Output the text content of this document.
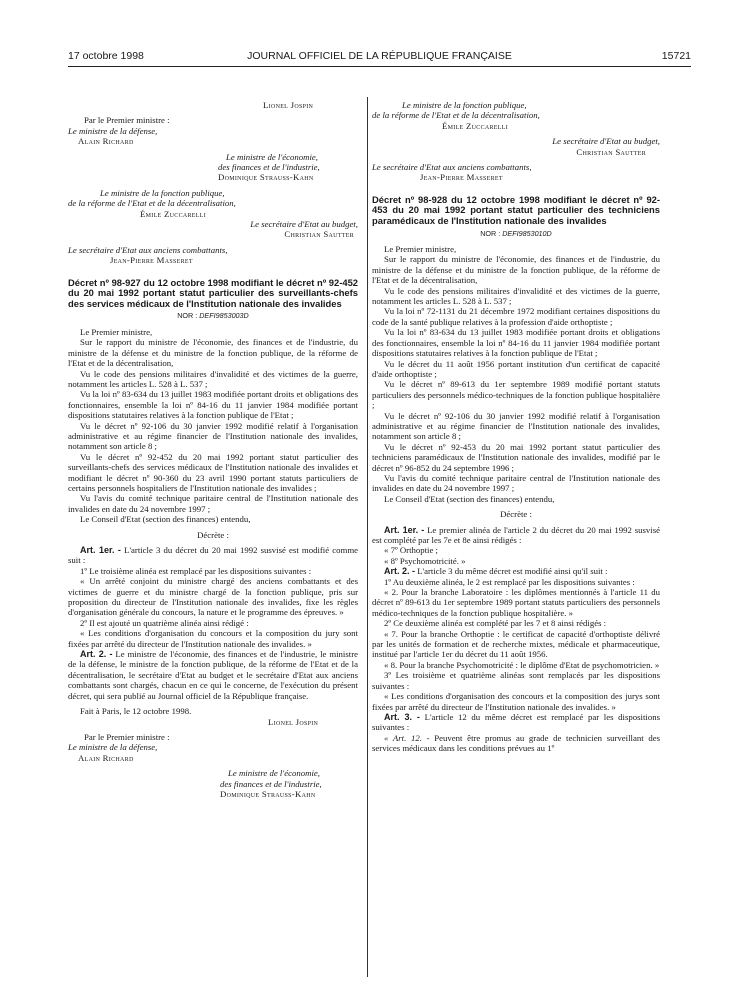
17 octobre 1998	JOURNAL OFFICIEL DE LA RÉPUBLIQUE FRANÇAISE	15721

Lionel Jospin

Par le Premier ministre :

Le ministre de la défense,

Alain Richard

Le ministre de l'économie,

des finances et de l'industrie,

Dominique Strauss-Kahn

Le ministre de la fonction publique,

de la réforme de l'Etat et de la décentralisation,

Émile Zuccarelli

Le secrétaire d'Etat au budget,

Christian Sautter

Le secrétaire d'Etat aux anciens combattants,

Jean-Pierre Masseret

Décret nº 98-927 du 12 octobre 1998 modifiant le décret nº 92-452 du 20 mai 1992 portant statut particulier des surveillants-chefs des services médicaux de l'Institution nationale des invalides

NOR : DEFI9853003D

Le Premier ministre,

Sur le rapport du ministre de l'économie, des finances et de l'industrie, du ministre de la défense et du ministre de la fonction publique, de la réforme de l'Etat et de la décentralisation,

Vu le code des pensions militaires d'invalidité et des victimes de la guerre, notamment les articles L. 528 à L. 537 ;

Vu la loi nº 83-634 du 13 juillet 1983 modifiée portant droits et obligations des fonctionnaires, ensemble la loi nº 84-16 du 11 janvier 1984 modifiée portant dispositions statutaires relatives à la fonction publique de l'Etat ;

Vu le décret nº 92-106 du 30 janvier 1992 modifié relatif à l'organisation administrative et au régime financier de l'Institution nationale des invalides, notamment son article 8 ;

Vu le décret nº 92-452 du 20 mai 1992 portant statut particulier des surveillants-chefs des services médicaux de l'Institution nationale des invalides et modifiant le décret nº 90-360 du 23 avril 1990 portant statuts particuliers de certains personnels hospitaliers de l'Institution nationale des invalides ;

Vu l'avis du comité technique paritaire central de l'Institution nationale des invalides en date du 24 novembre 1997 ;

Le Conseil d'Etat (section des finances) entendu,

Décrète :

Art. 1er. - L'article 3 du décret du 20 mai 1992 susvisé est modifié comme suit :

1º Le troisième alinéa est remplacé par les dispositions suivantes :

« Un arrêté conjoint du ministre chargé des anciens combattants et des victimes de guerre et du ministre chargé de la fonction publique, pris sur proposition du directeur de l'Institution nationale des invalides, fixe les règles d'organisation générale du concours, la nature et le programme des épreuves. »

2º Il est ajouté un quatrième alinéa ainsi rédigé :

« Les conditions d'organisation du concours et la composition du jury sont fixées par arrêté du directeur de l'Institution nationale des invalides. »

Art. 2. - Le ministre de l'économie, des finances et de l'industrie, le ministre de la défense, le ministre de la fonction publique, de la réforme de l'Etat et de la décentralisation, le secrétaire d'Etat au budget et le secrétaire d'Etat aux anciens combattants sont chargés, chacun en ce qui le concerne, de l'exécution du présent décret, qui sera publié au Journal officiel de la République française.

Fait à Paris, le 12 octobre 1998.

Lionel Jospin

Par le Premier ministre :

Le ministre de la défense,

Alain Richard

Le ministre de l'économie,

des finances et de l'industrie,

Dominique Strauss-Kahn

Le ministre de la fonction publique,

de la réforme de l'Etat et de la décentralisation,

Émile Zuccarelli

Le secrétaire d'Etat au budget,

Christian Sautter

Le secrétaire d'Etat aux anciens combattants,

Jean-Pierre Masseret

Décret nº 98-928 du 12 octobre 1998 modifiant le décret nº 92-453 du 20 mai 1992 portant statut particulier des techniciens paramédicaux de l'Institution nationale des invalides

NOR : DEFI9853010D

Le Premier ministre,

Sur le rapport du ministre de l'économie, des finances et de l'industrie, du ministre de la défense et du ministre de la fonction publique, de la réforme de l'Etat et de la décentralisation,

Vu le code des pensions militaires d'invalidité et des victimes de la guerre, notamment les articles L. 528 à L. 537 ;

Vu la loi nº 72-1131 du 21 décembre 1972 modifiant certaines dispositions du code de la santé publique relatives à la profession d'aide orthoptiste ;

Vu la loi nº 83-634 du 13 juillet 1983 modifiée portant droits et obligations des fonctionnaires, ensemble la loi nº 84-16 du 11 janvier 1984 modifiée portant dispositions statutaires relatives à la fonction publique de l'Etat ;

Vu le décret du 11 août 1956 portant institution d'un certificat de capacité d'aide orthoptiste ;

Vu le décret nº 89-613 du 1er septembre 1989 modifié portant statuts particuliers des personnels médico-techniques de la fonction publique hospitalière ;

Vu le décret nº 92-106 du 30 janvier 1992 modifié relatif à l'organisation administrative et au régime financier de l'Institution nationale des invalides, notamment son article 8 ;

Vu le décret nº 92-453 du 20 mai 1992 portant statut particulier des techniciens paramédicaux de l'Institution nationale des invalides, modifié par le décret nº 96-852 du 24 septembre 1996 ;

Vu l'avis du comité technique paritaire central de l'Institution nationale des invalides en date du 24 novembre 1997 ;

Le Conseil d'Etat (section des finances) entendu,

Décrète :

Art. 1er. - Le premier alinéa de l'article 2 du décret du 20 mai 1992 susvisé est complété par les 7e et 8e ainsi rédigés :

« 7º Orthoptie ;

« 8º Psychomotricité. »

Art. 2. - L'article 3 du même décret est modifié ainsi qu'il suit :

1º Au deuxième alinéa, le 2 est remplacé par les dispositions suivantes :

« 2. Pour la branche Laboratoire : les diplômes mentionnés à l'article 11 du décret nº 89-613 du 1er septembre 1989 portant statuts particuliers des personnels médico-techniques de la fonction publique hospitalière. »

2º Ce deuxième alinéa est complété par les 7 et 8 ainsi rédigés :

« 7. Pour la branche Orthoptie : le certificat de capacité d'orthoptiste délivré par les unités de formation et de recherche mixtes, médicale et pharmaceutique, institué par l'article 1er du décret du 11 août 1956.

« 8. Pour la branche Psychomotricité : le diplôme d'Etat de psychomotricien. »

3º Les troisième et quatrième alinéas sont remplacés par les dispositions suivantes :

« Les conditions d'organisation des concours et la composition des jurys sont fixées par arrêté du directeur de l'Institution nationale des invalides. »

Art. 3. - L'article 12 du même décret est remplacé par les dispositions suivantes :

« Art. 12. - Peuvent être promus au grade de technicien surveillant des services médicaux dans les conditions prévues au 1º
